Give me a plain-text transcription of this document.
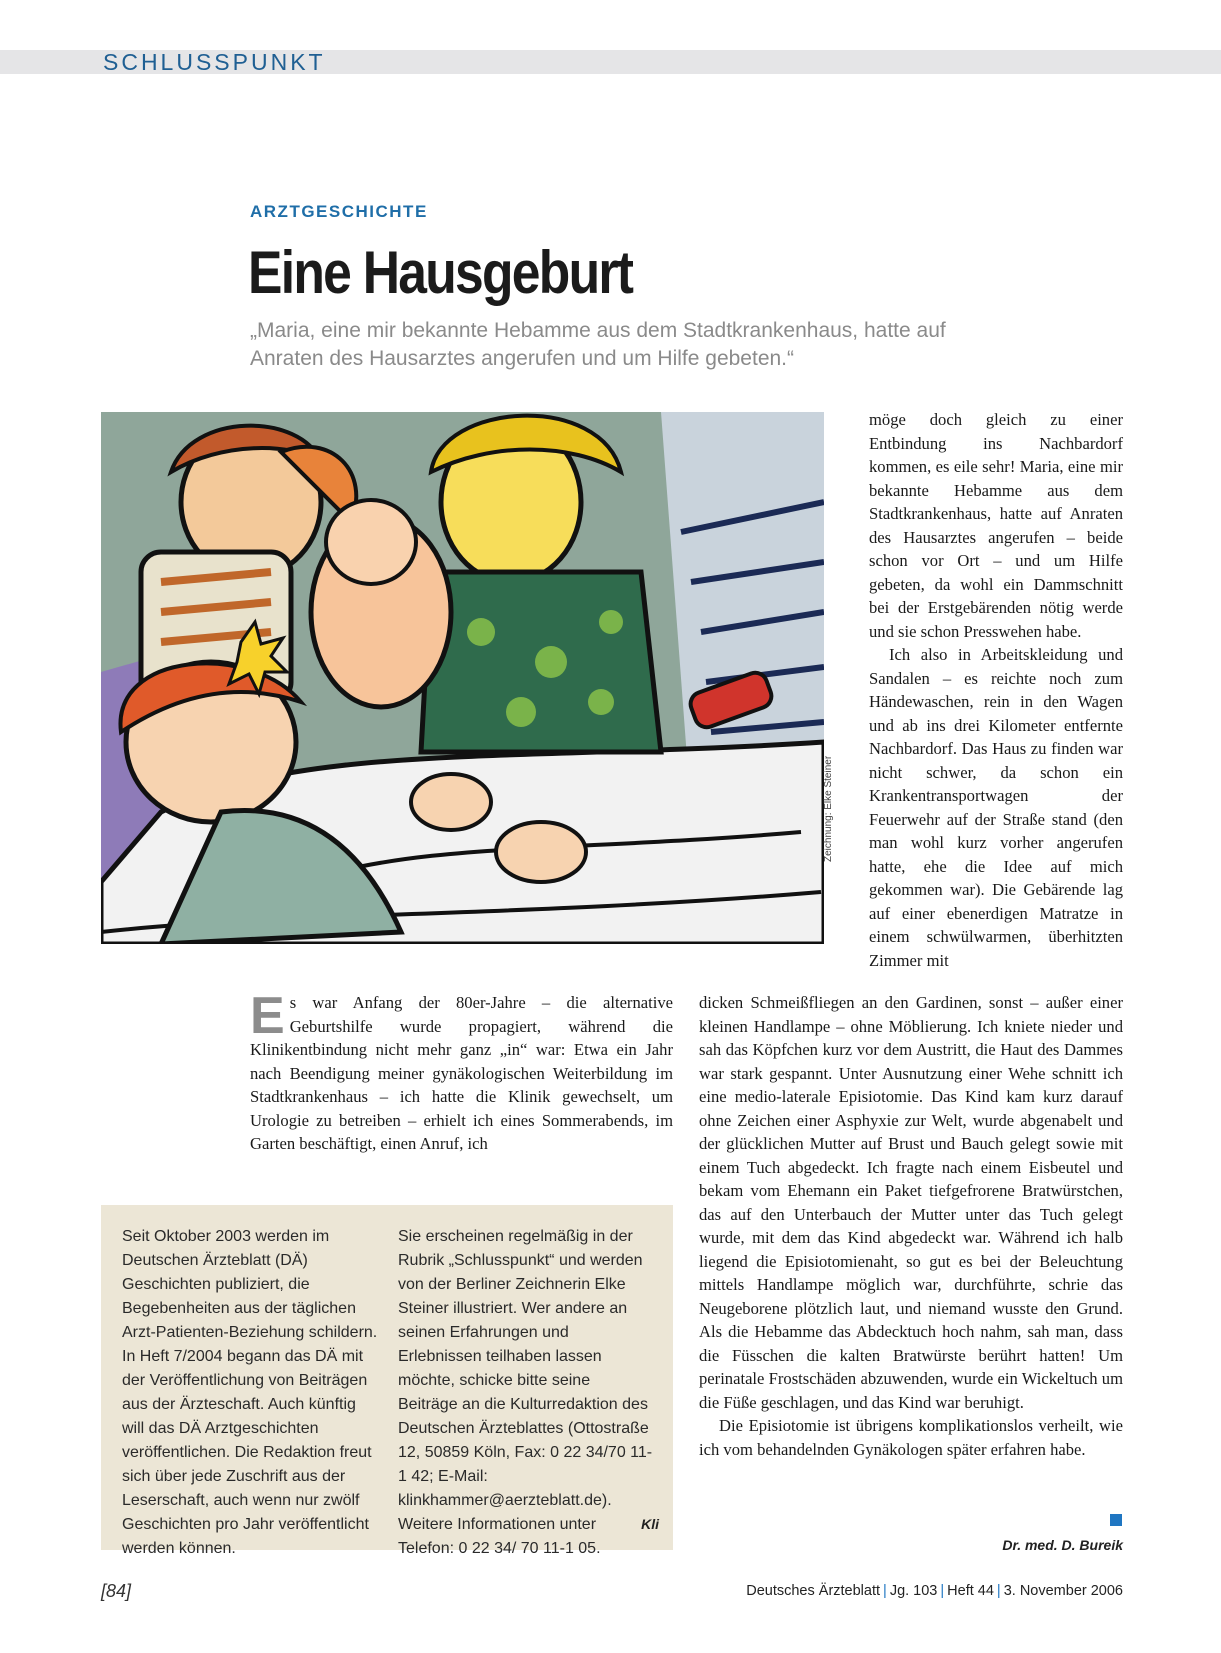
SCHLUSSPUNKT
ARZTGESCHICHTE
Eine Hausgeburt
„Maria, eine mir bekannte Hebamme aus dem Stadtkrankenhaus, hatte auf Anraten des Hausarztes angerufen und um Hilfe gebeten.“
Zeichnung: Elke Steiner

möge doch gleich zu einer Entbindung ins Nachbardorf kommen, es eile sehr! Maria, eine mir bekannte Hebamme aus dem Stadtkrankenhaus, hatte auf Anraten des Hausarztes angerufen – beide schon vor Ort – und um Hilfe gebeten, da wohl ein Dammschnitt bei der Erstgebärenden nötig werde und sie schon Presswehen habe.

Ich also in Arbeitskleidung und Sandalen – es reichte noch zum Händewaschen, rein in den Wagen und ab ins drei Kilometer entfernte Nachbardorf. Das Haus zu finden war nicht schwer, da schon ein Krankentransportwagen der Feuerwehr auf der Straße stand (den man wohl kurz vorher angerufen hatte, ehe die Idee auf mich gekommen war). Die Gebärende lag auf einer ebenerdigen Matratze in einem schwülwarmen, überhitzten Zimmer mit

Es war Anfang der 80er-Jahre – die alternative Geburtshilfe wurde propagiert, während die Klinikentbindung nicht mehr ganz „in“ war: Etwa ein Jahr nach Beendigung meiner gynäkologischen Weiterbildung im Stadtkrankenhaus – ich hatte die Klinik gewechselt, um Urologie zu betreiben – erhielt ich eines Sommerabends, im Garten beschäftigt, einen Anruf, ich

dicken Schmeißfliegen an den Gardinen, sonst – außer einer kleinen Handlampe – ohne Möblierung. Ich kniete nieder und sah das Köpfchen kurz vor dem Austritt, die Haut des Dammes war stark gespannt. Unter Ausnutzung einer Wehe schnitt ich eine medio-laterale Episiotomie. Das Kind kam kurz darauf ohne Zeichen einer Asphyxie zur Welt, wurde abgenabelt und der glücklichen Mutter auf Brust und Bauch gelegt sowie mit einem Tuch abgedeckt. Ich fragte nach einem Eisbeutel und bekam vom Ehemann ein Paket tiefgefrorene Bratwürstchen, das auf den Unterbauch der Mutter unter das Tuch gelegt wurde, mit dem das Kind abgedeckt war. Während ich halb liegend die Episiotomienaht, so gut es bei der Beleuchtung mittels Handlampe möglich war, durchführte, schrie das Neugeborene plötzlich laut, und niemand wusste den Grund. Als die Hebamme das Abdecktuch hoch nahm, sah man, dass die Füsschen die kalten Bratwürste berührt hatten! Um perinatale Frostschäden abzuwenden, wurde ein Wickeltuch um die Füße geschlagen, und das Kind war beruhigt.

Die Episiotomie ist übrigens komplikationslos verheilt, wie ich vom behandelnden Gynäkologen später erfahren habe.

Dr. med. D. Bureik
Seit Oktober 2003 werden im Deutschen Ärzteblatt (DÄ) Geschichten publiziert, die Begebenheiten aus der täglichen Arzt-Patienten-Beziehung schildern. In Heft 7/2004 begann das DÄ mit der Veröffentlichung von Beiträgen aus der Ärzteschaft. Auch künftig will das DÄ Arztgeschichten veröffentlichen. Die Redaktion freut sich über jede Zuschrift aus der Leserschaft, auch wenn nur zwölf Geschichten pro Jahr veröffentlicht werden können.
Sie erscheinen regelmäßig in der Rubrik „Schlusspunkt“ und werden von der Berliner Zeichnerin Elke Steiner illustriert. Wer andere an seinen Erfahrungen und Erlebnissen teilhaben lassen möchte, schicke bitte seine Beiträge an die Kulturredaktion des Deutschen Ärzteblattes (Ottostraße 12, 50859 Köln, Fax: 0 22 34/70 11-1 42; E-Mail: klinkhammer@aerzteblatt.de). Weitere Informationen unter Telefon: 0 22 34/ 70 11-1 05.
Kli
[84]	Deutsches Ärzteblatt | Jg. 103 | Heft 44 | 3. November 2006
